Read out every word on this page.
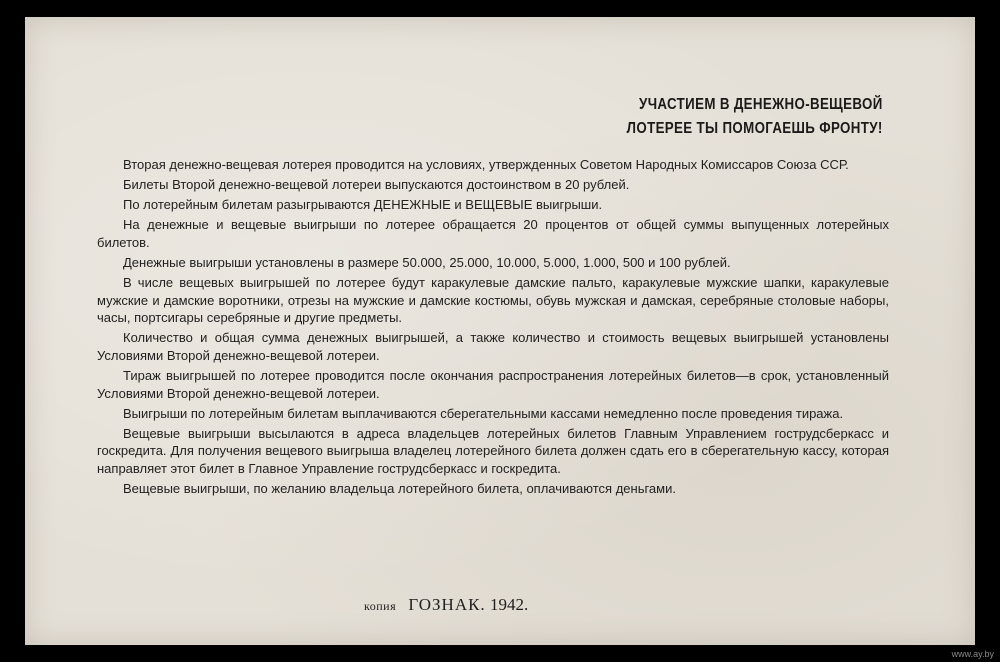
УЧАСТИЕМ В ДЕНЕЖНО-ВЕЩЕВОЙ
ЛОТЕРЕЕ ТЫ ПОМОГАЕШЬ ФРОНТУ!

Вторая денежно-вещевая лотерея проводится на условиях, утвержденных Советом Народных Комиссаров Союза ССР.

Билеты Второй денежно-вещевой лотереи выпускаются достоинством в 20 рублей.

По лотерейным билетам разыгрываются ДЕНЕЖНЫЕ и ВЕЩЕВЫЕ выигрыши.

На денежные и вещевые выигрыши по лотерее обращается 20 процентов от общей суммы выпущенных лотерейных билетов.

Денежные выигрыши установлены в размере 50.000, 25.000, 10.000, 5.000, 1.000, 500 и 100 рублей.

В числе вещевых выигрышей по лотерее будут каракулевые дамские пальто, каракулевые мужские шапки, каракулевые мужские и дамские воротники, отрезы на мужские и дамские костюмы, обувь мужская и дамская, серебряные столовые наборы, часы, портсигары серебряные и другие предметы.

Количество и общая сумма денежных выигрышей, а также количество и стоимость вещевых выигрышей установлены Условиями Второй денежно-вещевой лотереи.

Тираж выигрышей по лотерее проводится после окончания распространения лотерейных билетов—в срок, установленный Условиями Второй денежно-вещевой лотереи.

Выигрыши по лотерейным билетам выплачиваются сберегательными кассами немедленно после проведения тиража.

Вещевые выигрыши высылаются в адреса владельцев лотерейных билетов Главным Управлением гострудсберкасс и госкредита. Для получения вещевого выигрыша владелец лотерейного билета должен сдать его в сберегательную кассу, которая направляет этот билет в Главное Управление гострудсберкасс и госкредита.

Вещевые выигрыши, по желанию владельца лотерейного билета, оплачиваются деньгами.

копия ГОЗНАК. 1942.
www.ay.by
